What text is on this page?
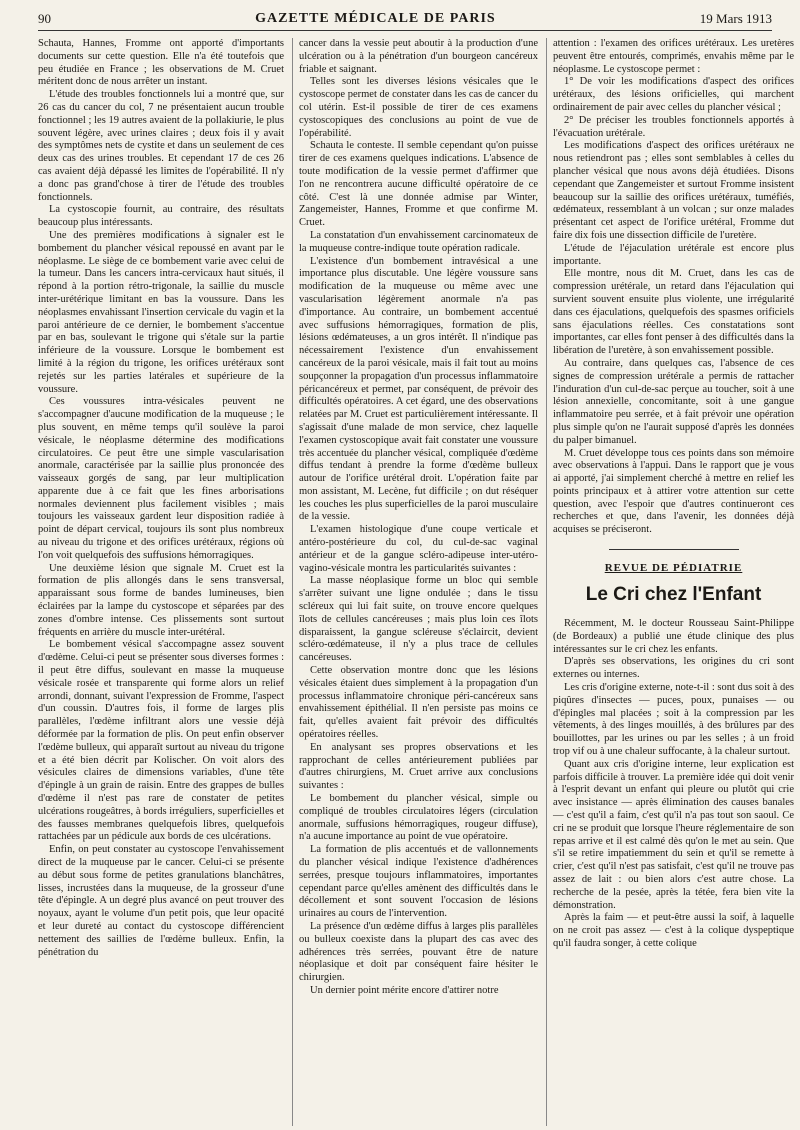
90	GAZETTE MÉDICALE DE PARIS	19 Mars 1913

Schauta, Hannes, Fromme ont apporté d'importants documents sur cette question. Elle n'a été toutefois que peu étudiée en France ; les observations de M. Cruet méritent donc de nous arrêter un instant.

L'étude des troubles fonctionnels lui a montré que, sur 26 cas du cancer du col, 7 ne présentaient aucun trouble fonctionnel ; les 19 autres avaient de la pollakiurie, le plus souvent légère, avec urines claires ; deux fois il y avait des symptômes nets de cystite et dans un seulement de ces deux cas des urines troubles. Et cependant 17 de ces 26 cas avaient déjà dépassé les limites de l'opérabilité. Il n'y a donc pas grand'chose à tirer de l'étude des troubles fonctionnels.

La cystoscopie fournit, au contraire, des résultats beaucoup plus intéressants.

Une des premières modifications à signaler est le bombement du plancher vésical repoussé en avant par le néoplasme. Le siège de ce bombement varie avec celui de la tumeur. Dans les cancers intra-cervicaux haut situés, il répond à la portion rétro-trigonale, la saillie du muscle inter-urétérique limitant en bas la voussure. Dans les néoplasmes envahissant l'insertion cervicale du vagin et la paroi antérieure de ce dernier, le bombement s'accentue par en bas, soulevant le trigone qui s'étale sur la partie inférieure de la voussure. Lorsque le bombement est limité à la région du trigone, les orifices urétéraux sont rejetés sur les parties latérales et supérieure de la voussure.

Ces voussures intra-vésicales peuvent ne s'accompagner d'aucune modification de la muqueuse ; le plus souvent, en même temps qu'il soulève la paroi vésicale, le néoplasme détermine des modifications circulatoires. Ce peut être une simple vascularisation anormale, caractérisée par la saillie plus prononcée des vaisseaux gorgés de sang, par leur multiplication apparente due à ce fait que les fines arborisations normales deviennent plus facilement visibles ; mais toujours les vaisseaux gardent leur disposition radiée à point de départ cervical, toujours ils sont plus nombreux au niveau du trigone et des orifices urétéraux, régions où l'on voit quelquefois des suffusions hémorragiques.

Une deuxième lésion que signale M. Cruet est la formation de plis allongés dans le sens transversal, apparaissant sous forme de bandes lumineuses, bien éclairées par la lampe du cystoscope et séparées par des zones d'ombre intense. Ces plissements sont surtout fréquents en arrière du muscle inter-urétéral.

Le bombement vésical s'accompagne assez souvent d'œdème. Celui-ci peut se présenter sous diverses formes : il peut être diffus, soulevant en masse la muqueuse vésicale rosée et transparente qui forme alors un relief arrondi, donnant, suivant l'expression de Fromme, l'aspect d'un coussin. D'autres fois, il forme de larges plis parallèles, l'œdème infiltrant alors une vessie déjà déformée par la formation de plis. On peut enfin observer l'œdème bulleux, qui apparaît surtout au niveau du trigone et a été bien décrit par Kolischer. On voit alors des vésicules claires de dimensions variables, d'une tête d'épingle à un grain de raisin. Entre des grappes de bulles d'œdème il n'est pas rare de constater de petites ulcérations rougeâtres, à bords irréguliers, superficielles et des fausses membranes quelquefois libres, quelquefois rattachées par un pédicule aux bords de ces ulcérations.

Enfin, on peut constater au cystoscope l'envahissement direct de la muqueuse par le cancer. Celui-ci se présente au début sous forme de petites granulations blanchâtres, lisses, incrustées dans la muqueuse, de la grosseur d'une tête d'épingle. A un degré plus avancé on peut trouver des noyaux, ayant le volume d'un petit pois, que leur opacité et leur dureté au contact du cystoscope différencient nettement des saillies de l'œdème bulleux. Enfin, la pénétration du

cancer dans la vessie peut aboutir à la production d'une ulcération ou à la pénétration d'un bourgeon cancéreux friable et saignant.

Telles sont les diverses lésions vésicales que le cystoscope permet de constater dans les cas de cancer du col utérin. Est-il possible de tirer de ces examens cystoscopiques des conclusions au point de vue de l'opérabilité.

Schauta le conteste. Il semble cependant qu'on puisse tirer de ces examens quelques indications. L'absence de toute modification de la vessie permet d'affirmer que l'on ne rencontrera aucune difficulté opératoire de ce côté. C'est là une donnée admise par Winter, Zangemeister, Hannes, Fromme et que confirme M. Cruet.

La constatation d'un envahissement carcinomateux de la muqueuse contre-indique toute opération radicale.

L'existence d'un bombement intravésical a une importance plus discutable. Une légère voussure sans modification de la muqueuse ou même avec une vascularisation légèrement anormale n'a pas d'importance. Au contraire, un bombement accentué avec suffusions hémorragiques, formation de plis, lésions œdémateuses, a un gros intérêt. Il n'indique pas nécessairement l'existence d'un envahissement cancéreux de la paroi vésicale, mais il fait tout au moins soupçonner la propagation d'un processus inflammatoire péricancéreux et permet, par conséquent, de prévoir des difficultés opératoires. A cet égard, une des observations relatées par M. Cruet est particulièrement intéressante. Il s'agissait d'une malade de mon service, chez laquelle l'examen cystoscopique avait fait constater une voussure très accentuée du plancher vésical, compliquée d'œdème diffus tendant à prendre la forme d'œdème bulleux autour de l'orifice urétéral droit. L'opération faite par mon assistant, M. Lecène, fut difficile ; on dut réséquer les couches les plus superficielles de la paroi musculaire de la vessie.

L'examen histologique d'une coupe verticale et antéro-postérieure du col, du cul-de-sac vaginal antérieur et de la gangue scléro-adipeuse inter-utéro-vagino-vésicale montra les particularités suivantes :

La masse néoplasique forme un bloc qui semble s'arrêter suivant une ligne ondulée ; dans le tissu scléreux qui lui fait suite, on trouve encore quelques îlots de cellules cancéreuses ; mais plus loin ces îlots disparaissent, la gangue scléreuse s'éclaircit, devient scléro-œdémateuse, il n'y a plus trace de cellules cancéreuses.

Cette observation montre donc que les lésions vésicales étaient dues simplement à la propagation d'un processus inflammatoire chronique péri-cancéreux sans envahissement épithélial. Il n'en persiste pas moins ce fait, qu'elles avaient fait prévoir des difficultés opératoires réelles.

En analysant ses propres observations et les rapprochant de celles antérieurement publiées par d'autres chirurgiens, M. Cruet arrive aux conclusions suivantes :

Le bombement du plancher vésical, simple ou compliqué de troubles circulatoires légers (circulation anormale, suffusions hémorragiques, rougeur diffuse), n'a aucune importance au point de vue opératoire.

La formation de plis accentués et de vallonnements du plancher vésical indique l'existence d'adhérences serrées, presque toujours inflammatoires, importantes cependant parce qu'elles amènent des difficultés dans le décollement et sont souvent l'occasion de lésions urinaires au cours de l'intervention.

La présence d'un œdème diffus à larges plis parallèles ou bulleux coexiste dans la plupart des cas avec des adhérences très serrées, pouvant être de nature néoplasique et doit par conséquent faire hésiter le chirurgien.

Un dernier point mérite encore d'attirer notre

attention : l'examen des orifices urétéraux. Les uretères peuvent être entourés, comprimés, envahis même par le néoplasme. Le cystoscope permet :

1° De voir les modifications d'aspect des orifices urétéraux, des lésions orificielles, qui marchent ordinairement de pair avec celles du plancher vésical ;

2° De préciser les troubles fonctionnels apportés à l'évacuation urétérale.

Les modifications d'aspect des orifices urétéraux ne nous retiendront pas ; elles sont semblables à celles du plancher vésical que nous avons déjà étudiées. Disons cependant que Zangemeister et surtout Fromme insistent beaucoup sur la saillie des orifices urétéraux, tuméfiés, œdémateux, ressemblant à un volcan ; sur onze malades présentant cet aspect de l'orifice urétéral, Fromme dut faire dix fois une dissection difficile de l'uretère.

L'étude de l'éjaculation urétérale est encore plus importante.

Elle montre, nous dit M. Cruet, dans les cas de compression urétérale, un retard dans l'éjaculation qui survient souvent ensuite plus violente, une irrégularité dans ces éjaculations, quelquefois des spasmes orificiels sans éjaculations réelles. Ces constatations sont importantes, car elles font penser à des difficultés dans la libération de l'uretère, à son envahissement possible.

Au contraire, dans quelques cas, l'absence de ces signes de compression urétérale a permis de rattacher l'induration d'un cul-de-sac perçue au toucher, soit à une lésion annexielle, concomitante, soit à une gangue inflammatoire peu serrée, et à fait prévoir une opération plus simple qu'on ne l'aurait supposé d'après les données du palper bimanuel.

M. Cruet développe tous ces points dans son mémoire avec observations à l'appui. Dans le rapport que je vous ai apporté, j'ai simplement cherché à mettre en relief les points principaux et à attirer votre attention sur cette question, avec l'espoir que d'autres continueront ces recherches et que, dans l'avenir, les données déjà acquises se préciseront.

REVUE DE PÉDIATRIE
Le Cri chez l'Enfant

Récemment, M. le docteur Rousseau Saint-Philippe (de Bordeaux) a publié une étude clinique des plus intéressantes sur le cri chez les enfants.

D'après ses observations, les origines du cri sont externes ou internes.

Les cris d'origine externe, note-t-il : sont dus soit à des piqûres d'insectes — puces, poux, punaises — ou d'épingles mal placées ; soit à la compression par les vêtements, à des linges mouillés, à des brûlures par des bouillottes, par les urines ou par les selles ; à un froid trop vif ou à une chaleur suffocante, à la chaleur surtout.

Quant aux cris d'origine interne, leur explication est parfois difficile à trouver. La première idée qui doit venir à l'esprit devant un enfant qui pleure ou plutôt qui crie avec insistance — après élimination des causes banales — c'est qu'il a faim, c'est qu'il n'a pas tout son saoul. Ce cri ne se produit que lorsque l'heure réglementaire de son repas arrive et il est calmé dès qu'on le met au sein. Que s'il se retire impatiemment du sein et qu'il se remette à crier, c'est qu'il n'est pas satisfait, c'est qu'il ne trouve pas assez de lait : ou bien alors c'est autre chose. La recherche de la pesée, après la tétée, fera bien vite la démonstration.

Après la faim — et peut-être aussi la soif, à laquelle on ne croit pas assez — c'est à la colique dyspeptique qu'il faudra songer, à cette colique
